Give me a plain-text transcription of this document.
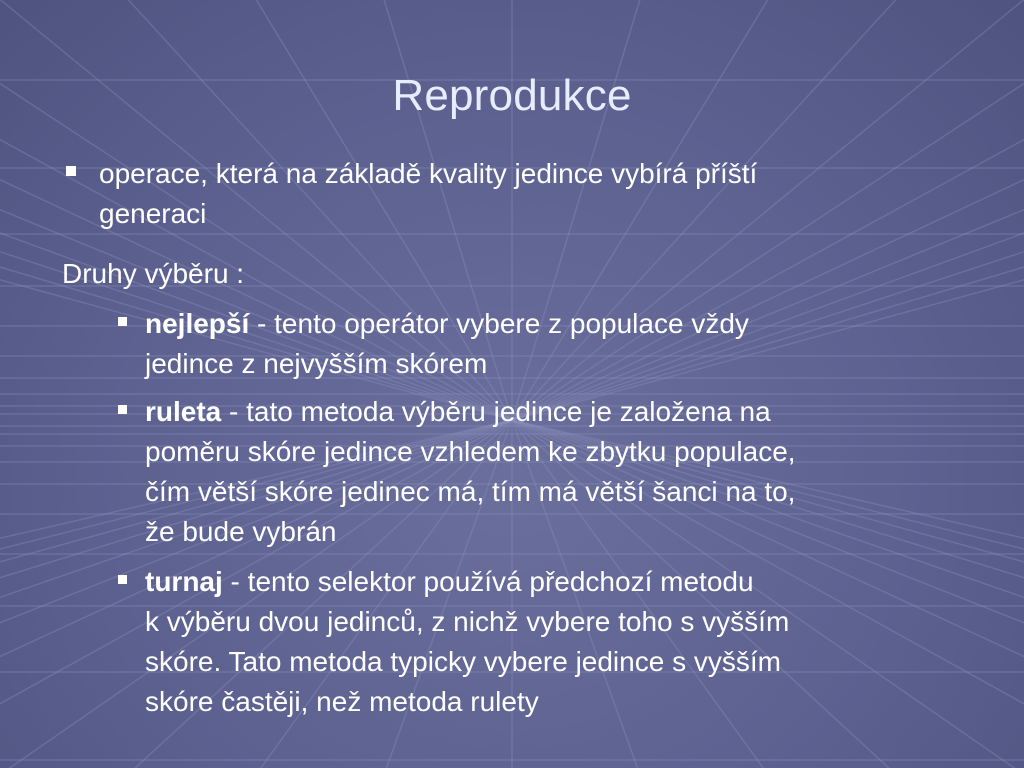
Reprodukce
operace, která na základě kvality jedince vybírá příští
generaci
Druhy výběru :
nejlepší - tento operátor vybere z populace vždy
jedince z nejvyšším skórem
ruleta - tato metoda výběru jedince je založena na
poměru skóre jedince vzhledem ke zbytku populace,
čím větší skóre jedinec má, tím má větší šanci na to,
že bude vybrán
turnaj - tento selektor používá předchozí metodu
k výběru dvou jedinců, z nichž vybere toho s vyšším
skóre. Tato metoda typicky vybere jedince s vyšším
skóre častěji, než metoda rulety
